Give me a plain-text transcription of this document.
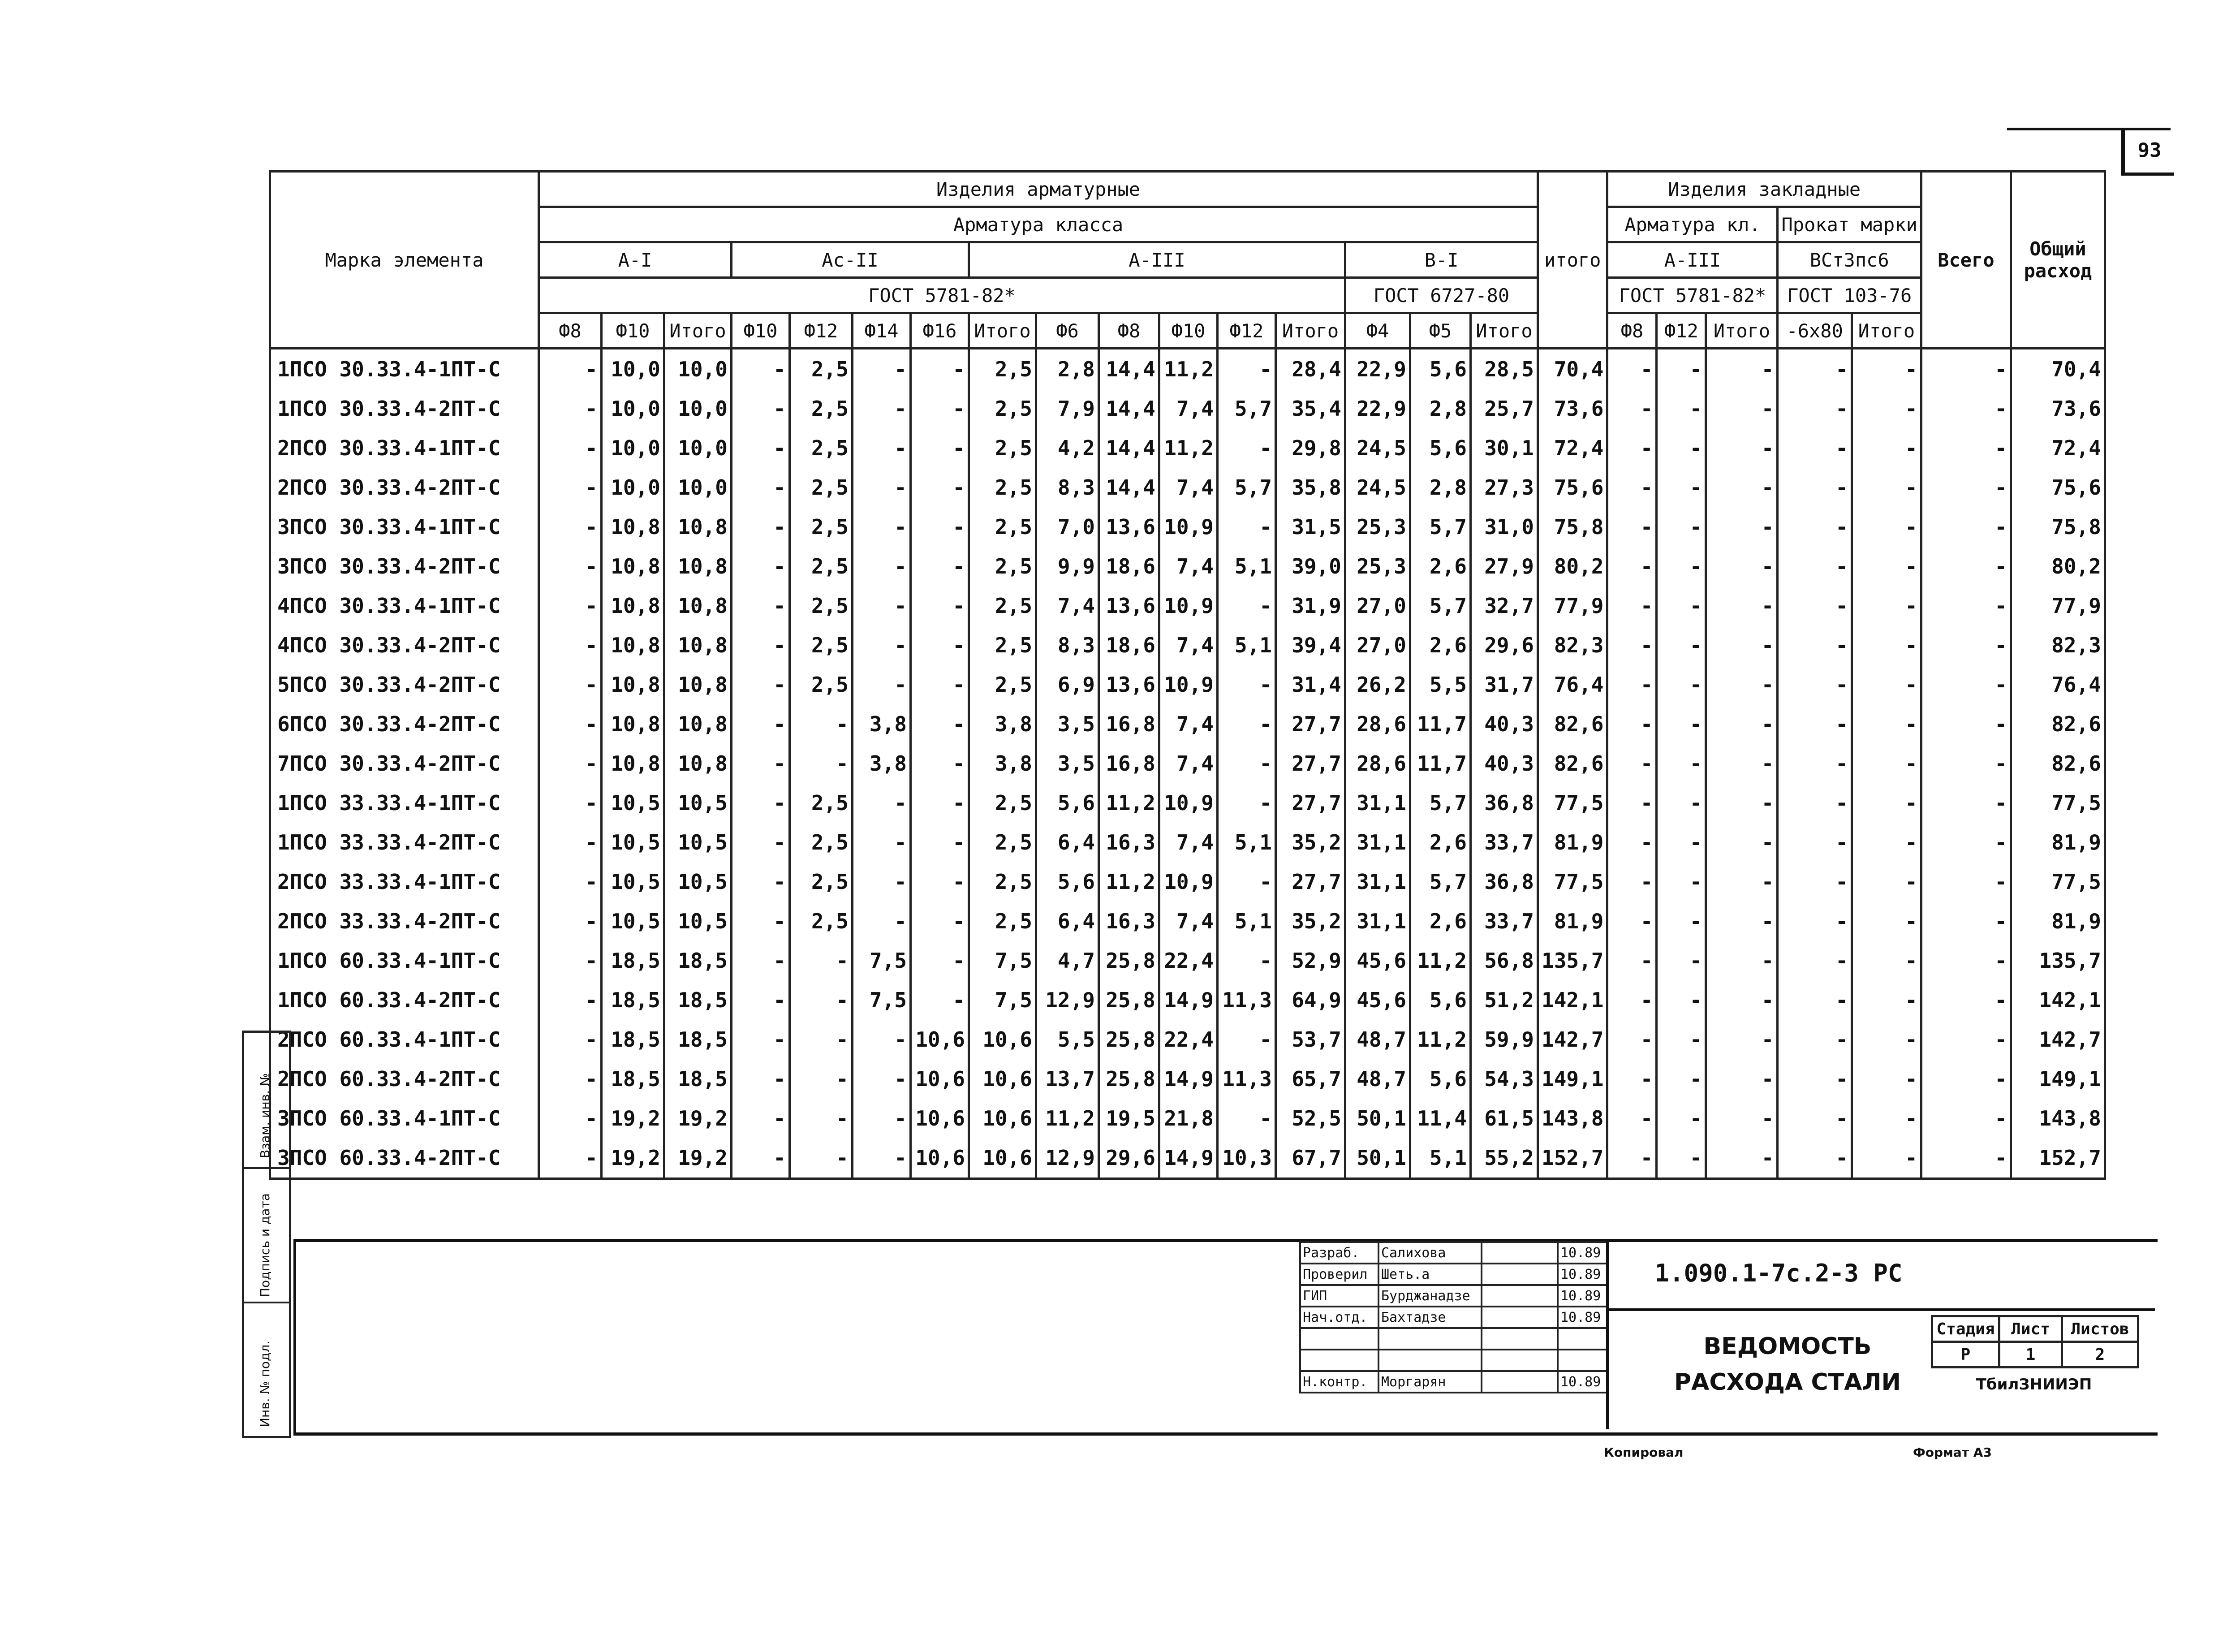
93
Марка элемента	Изделия арматурные																итого	Изделия закладные					Всего	Общий расход
	Арматура класса																	Арматура кл.			Прокат марки			
	А-I			Ас-II				А-III						В-I				А-III			ВСт3пс6			
	ГОСТ 5781-82*													ГОСТ 6727-80				ГОСТ 5781-82*			ГОСТ 103-76			
	Ф8	Ф10	Итого	Ф10	Ф12	Ф14	Ф16	Итого	Ф6	Ф8	Ф10	Ф12	Итого	Ф4	Ф5	Итого		Ф8	Ф12	Итого	-6х80	Итого		
1ПСО 30.33.4-1ПТ-С	-	10,0	10,0	-	2,5	-	-	2,5	2,8	14,4	11,2	-	28,4	22,9	5,6	28,5	70,4	-	-	-	-	-	-	70,4
1ПСО 30.33.4-2ПТ-С	-	10,0	10,0	-	2,5	-	-	2,5	7,9	14,4	7,4	5,7	35,4	22,9	2,8	25,7	73,6	-	-	-	-	-	-	73,6
2ПСО 30.33.4-1ПТ-С	-	10,0	10,0	-	2,5	-	-	2,5	4,2	14,4	11,2	-	29,8	24,5	5,6	30,1	72,4	-	-	-	-	-	-	72,4
2ПСО 30.33.4-2ПТ-С	-	10,0	10,0	-	2,5	-	-	2,5	8,3	14,4	7,4	5,7	35,8	24,5	2,8	27,3	75,6	-	-	-	-	-	-	75,6
3ПСО 30.33.4-1ПТ-С	-	10,8	10,8	-	2,5	-	-	2,5	7,0	13,6	10,9	-	31,5	25,3	5,7	31,0	75,8	-	-	-	-	-	-	75,8
3ПСО 30.33.4-2ПТ-С	-	10,8	10,8	-	2,5	-	-	2,5	9,9	18,6	7,4	5,1	39,0	25,3	2,6	27,9	80,2	-	-	-	-	-	-	80,2
4ПСО 30.33.4-1ПТ-С	-	10,8	10,8	-	2,5	-	-	2,5	7,4	13,6	10,9	-	31,9	27,0	5,7	32,7	77,9	-	-	-	-	-	-	77,9
4ПСО 30.33.4-2ПТ-С	-	10,8	10,8	-	2,5	-	-	2,5	8,3	18,6	7,4	5,1	39,4	27,0	2,6	29,6	82,3	-	-	-	-	-	-	82,3
5ПСО 30.33.4-2ПТ-С	-	10,8	10,8	-	2,5	-	-	2,5	6,9	13,6	10,9	-	31,4	26,2	5,5	31,7	76,4	-	-	-	-	-	-	76,4
6ПСО 30.33.4-2ПТ-С	-	10,8	10,8	-	-	3,8	-	3,8	3,5	16,8	7,4	-	27,7	28,6	11,7	40,3	82,6	-	-	-	-	-	-	82,6
7ПСО 30.33.4-2ПТ-С	-	10,8	10,8	-	-	3,8	-	3,8	3,5	16,8	7,4	-	27,7	28,6	11,7	40,3	82,6	-	-	-	-	-	-	82,6
1ПСО 33.33.4-1ПТ-С	-	10,5	10,5	-	2,5	-	-	2,5	5,6	11,2	10,9	-	27,7	31,1	5,7	36,8	77,5	-	-	-	-	-	-	77,5
1ПСО 33.33.4-2ПТ-С	-	10,5	10,5	-	2,5	-	-	2,5	6,4	16,3	7,4	5,1	35,2	31,1	2,6	33,7	81,9	-	-	-	-	-	-	81,9
2ПСО 33.33.4-1ПТ-С	-	10,5	10,5	-	2,5	-	-	2,5	5,6	11,2	10,9	-	27,7	31,1	5,7	36,8	77,5	-	-	-	-	-	-	77,5
2ПСО 33.33.4-2ПТ-С	-	10,5	10,5	-	2,5	-	-	2,5	6,4	16,3	7,4	5,1	35,2	31,1	2,6	33,7	81,9	-	-	-	-	-	-	81,9
1ПСО 60.33.4-1ПТ-С	-	18,5	18,5	-	-	7,5	-	7,5	4,7	25,8	22,4	-	52,9	45,6	11,2	56,8	135,7	-	-	-	-	-	-	135,7
1ПСО 60.33.4-2ПТ-С	-	18,5	18,5	-	-	7,5	-	7,5	12,9	25,8	14,9	11,3	64,9	45,6	5,6	51,2	142,1	-	-	-	-	-	-	142,1
2ПСО 60.33.4-1ПТ-С	-	18,5	18,5	-	-	-	10,6	10,6	5,5	25,8	22,4	-	53,7	48,7	11,2	59,9	142,7	-	-	-	-	-	-	142,7
2ПСО 60.33.4-2ПТ-С	-	18,5	18,5	-	-	-	10,6	10,6	13,7	25,8	14,9	11,3	65,7	48,7	5,6	54,3	149,1	-	-	-	-	-	-	149,1
3ПСО 60.33.4-1ПТ-С	-	19,2	19,2	-	-	-	10,6	10,6	11,2	19,5	21,8	-	52,5	50,1	11,4	61,5	143,8	-	-	-	-	-	-	143,8
3ПСО 60.33.4-2ПТ-С	-	19,2	19,2	-	-	-	10,6	10,6	12,9	29,6	14,9	10,3	67,7	50,1	5,1	55,2	152,7	-	-	-	-	-	-	152,7
Взам. инв. №
Подпись и дата
Инв. № подл.
Разраб.	Салихова		10.89
Проверил	Шеть.а		10.89
ГИП	Бурджанадзе		10.89
Нач.отд.	Бахтадзе		10.89

Н.контр.	Моргарян		10.89
1.090.1-7с.2-3 РС
ВЕДОМОСТЬ
РАСХОДА СТАЛИ
Стадия	Лист	Листов
Р	1	2
ТбилЗНИИЭП
Копировал	Формат А3
